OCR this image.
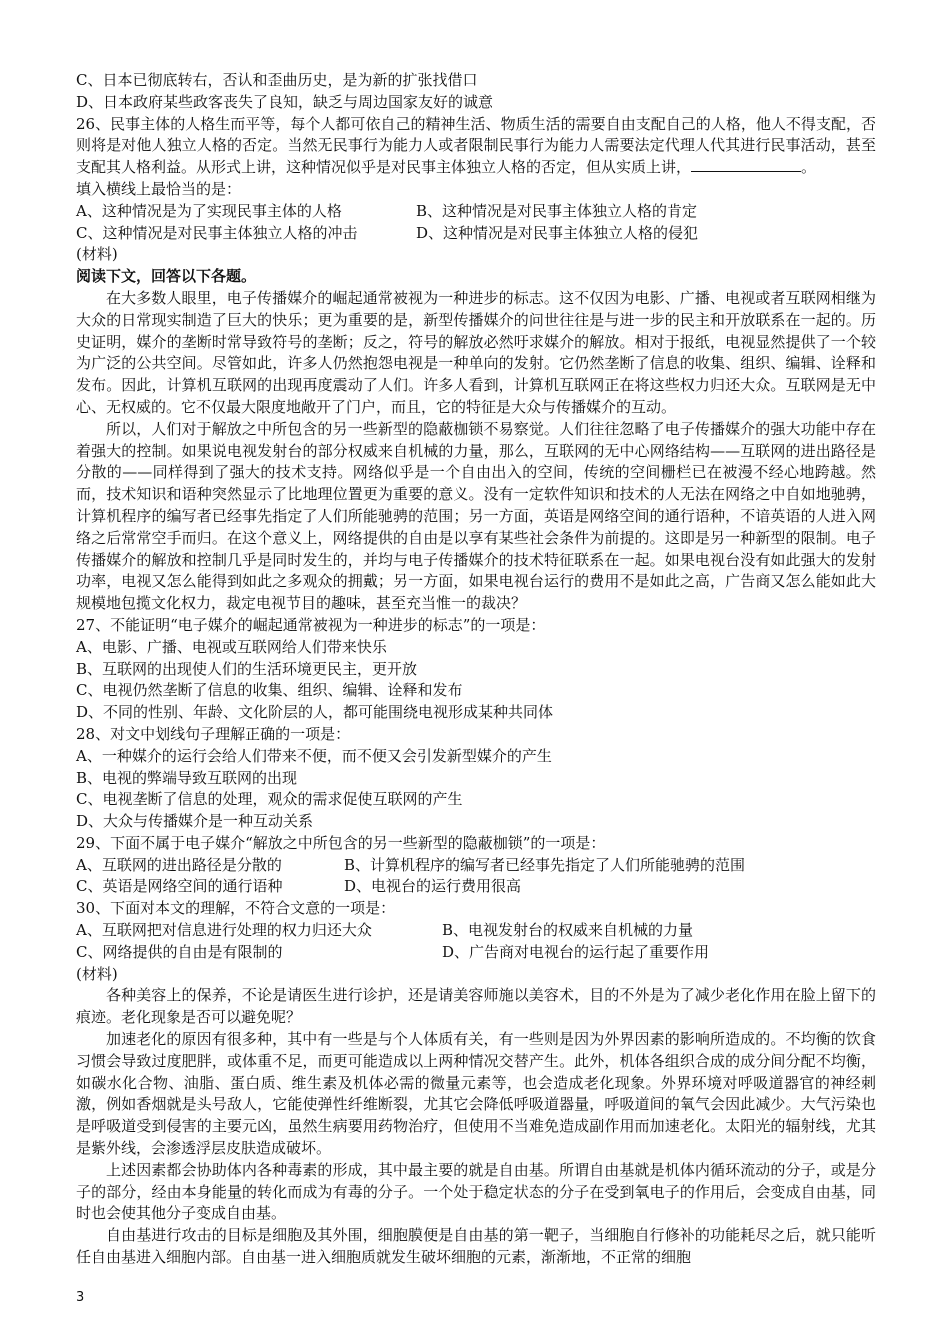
C、日本已彻底转右，否认和歪曲历史，是为新的扩张找借口
D、日本政府某些政客丧失了良知，缺乏与周边国家友好的诚意

26、民事主体的人格生而平等，每个人都可依自己的精神生活、物质生活的需要自由支配自己的人格，他人不得支配，否则将是对他人独立人格的否定。当然无民事行为能力人或者限制民事行为能力人需要法定代理人代其进行民事活动，甚至支配其人格利益。从形式上讲，这种情况似乎是对民事主体独立人格的否定，但从实质上讲，	。

填入横线上最恰当的是：
A、这种情况是为了实现民事主体的人格	B、这种情况是对民事主体独立人格的肯定
C、这种情况是对民事主体独立人格的冲击	D、这种情况是对民事主体独立人格的侵犯
(材料)
阅读下文，回答以下各题。

在大多数人眼里，电子传播媒介的崛起通常被视为一种进步的标志。这不仅因为电影、广播、电视或者互联网相继为大众的日常现实制造了巨大的快乐；更为重要的是，新型传播媒介的问世往往是与进一步的民主和开放联系在一起的。历史证明，媒介的垄断时常导致符号的垄断；反之，符号的解放必然吁求媒介的解放。相对于报纸，电视显然提供了一个较为广泛的公共空间。尽管如此，许多人仍然抱怨电视是一种单向的发射。它仍然垄断了信息的收集、组织、编辑、诠释和发布。因此，计算机互联网的出现再度震动了人们。许多人看到，计算机互联网正在将这些权力归还大众。互联网是无中心、无权威的。它不仅最大限度地敞开了门户，而且，它的特征是大众与传播媒介的互动。

所以，人们对于解放之中所包含的另一些新型的隐蔽枷锁不易察觉。人们往往忽略了电子传播媒介的强大功能中存在着强大的控制。如果说电视发射台的部分权威来自机械的力量，那么，互联网的无中心网络结构——互联网的进出路径是分散的——同样得到了强大的技术支持。网络似乎是一个自由出入的空间，传统的空间栅栏已在被漫不经心地跨越。然而，技术知识和语种突然显示了比地理位置更为重要的意义。没有一定软件知识和技术的人无法在网络之中自如地驰骋，计算机程序的编写者已经事先指定了人们所能驰骋的范围；另一方面，英语是网络空间的通行语种，不谙英语的人进入网络之后常常空手而归。在这个意义上，网络提供的自由是以享有某些社会条件为前提的。这即是另一种新型的限制。电子传播媒介的解放和控制几乎是同时发生的，并均与电子传播媒介的技术特征联系在一起。如果电视台没有如此强大的发射功率，电视又怎么能得到如此之多观众的拥戴；另一方面，如果电视台运行的费用不是如此之高，广告商又怎么能如此大规模地包揽文化权力，裁定电视节目的趣味，甚至充当惟一的裁决？

27、不能证明“电子媒介的崛起通常被视为一种进步的标志”的一项是：
A、电影、广播、电视或互联网给人们带来快乐
B、互联网的出现使人们的生活环境更民主，更开放
C、电视仍然垄断了信息的收集、组织、编辑、诠释和发布
D、不同的性别、年龄、文化阶层的人，都可能围绕电视形成某种共同体
28、对文中划线句子理解正确的一项是：
A、一种媒介的运行会给人们带来不便，而不便又会引发新型媒介的产生
B、电视的弊端导致互联网的出现
C、电视垄断了信息的处理，观众的需求促使互联网的产生
D、大众与传播媒介是一种互动关系
29、下面不属于电子媒介“解放之中所包含的另一些新型的隐蔽枷锁”的一项是：
A、互联网的进出路径是分散的	B、计算机程序的编写者已经事先指定了人们所能驰骋的范围
C、英语是网络空间的通行语种	D、电视台的运行费用很高
30、下面对本文的理解，不符合文意的一项是：
A、互联网把对信息进行处理的权力归还大众	B、电视发射台的权威来自机械的力量
C、网络提供的自由是有限制的	D、广告商对电视台的运行起了重要作用
(材料)

各种美容上的保养，不论是请医生进行诊护，还是请美容师施以美容术，目的不外是为了减少老化作用在脸上留下的痕迹。老化现象是否可以避免呢？

加速老化的原因有很多种，其中有一些是与个人体质有关，有一些则是因为外界因素的影响所造成的。不均衡的饮食习惯会导致过度肥胖，或体重不足，而更可能造成以上两种情况交替产生。此外，机体各组织合成的成分间分配不均衡，如碳水化合物、油脂、蛋白质、维生素及机体必需的微量元素等，也会造成老化现象。外界环境对呼吸道器官的神经刺激，例如香烟就是头号敌人，它能使弹性纤维断裂，尤其它会降低呼吸道器量，呼吸道间的氧气会因此减少。大气污染也是呼吸道受到侵害的主要元凶，虽然生病要用药物治疗，但使用不当难免造成副作用而加速老化。太阳光的辐射线，尤其是紫外线，会渗透浮层皮肤造成破坏。

上述因素都会协助体内各种毒素的形成，其中最主要的就是自由基。所谓自由基就是机体内循环流动的分子，或是分子的部分，经由本身能量的转化而成为有毒的分子。一个处于稳定状态的分子在受到氧电子的作用后，会变成自由基，同时也会使其他分子变成自由基。

自由基进行攻击的目标是细胞及其外围，细胞膜便是自由基的第一靶子，当细胞自行修补的功能耗尽之后，就只能听任自由基进入细胞内部。自由基一进入细胞质就发生破坏细胞的元素，渐渐地，不正常的细胞

3
